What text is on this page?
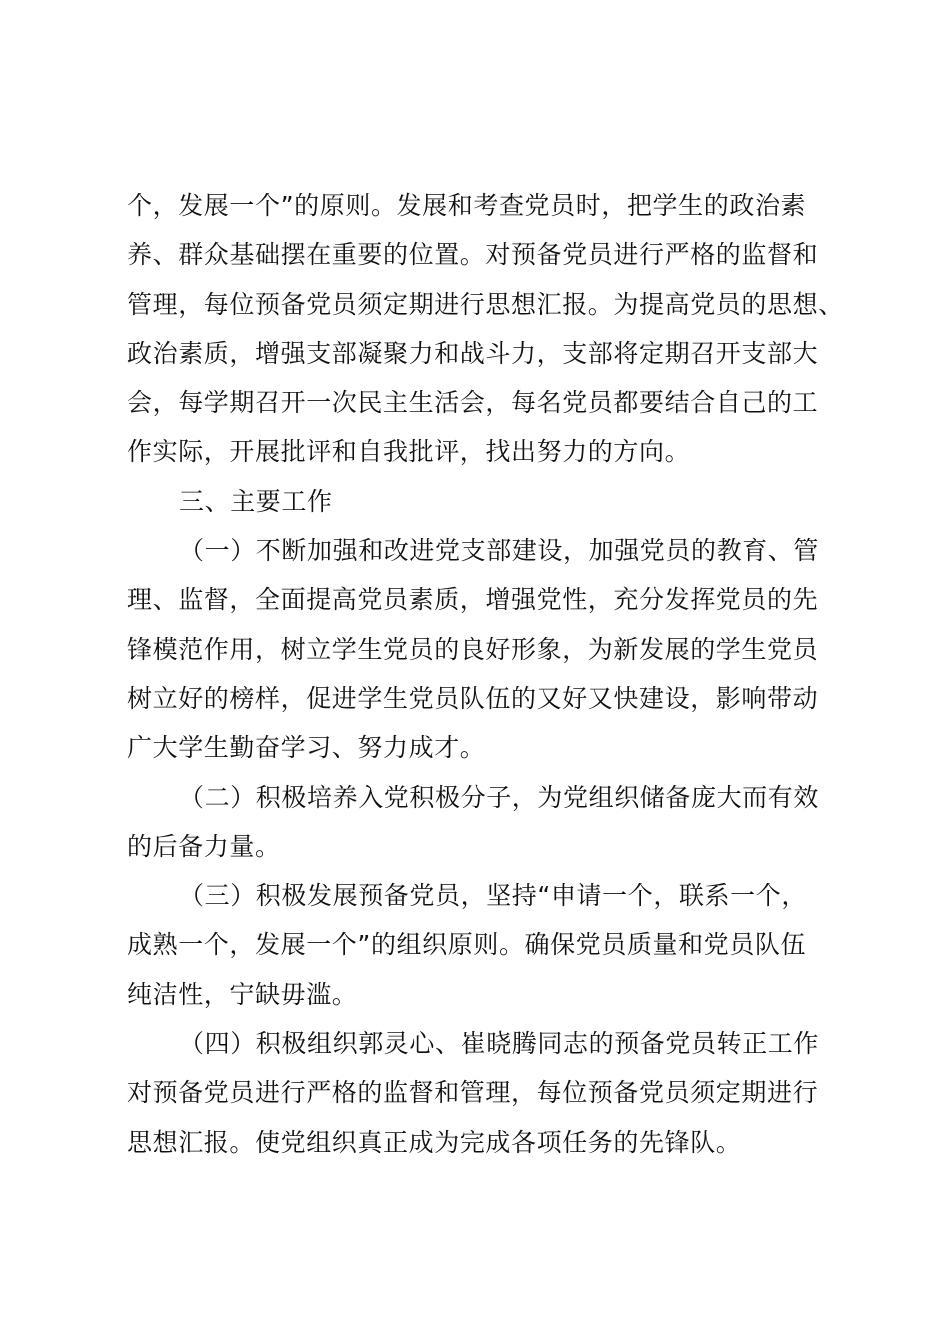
个，发展一个”的原则。发展和考查党员时，把学生的政治素
养、群众基础摆在重要的位置。对预备党员进行严格的监督和
管理，每位预备党员须定期进行思想汇报。为提高党员的思想、
政治素质，增强支部凝聚力和战斗力，支部将定期召开支部大
会，每学期召开一次民主生活会，每名党员都要结合自己的工
作实际，开展批评和自我批评，找出努力的方向。
三、主要工作
（一）不断加强和改进党支部建设，加强党员的教育、管
理、监督，全面提高党员素质，增强党性，充分发挥党员的先
锋模范作用，树立学生党员的良好形象，为新发展的学生党员
树立好的榜样，促进学生党员队伍的又好又快建设，影响带动
广大学生勤奋学习、努力成才。
（二）积极培养入党积极分子，为党组织储备庞大而有效
的后备力量。
（三）积极发展预备党员，坚持“申请一个，联系一个，
成熟一个，发展一个”的组织原则。确保党员质量和党员队伍
纯洁性，宁缺毋滥。
（四）积极组织郭灵心、崔晓腾同志的预备党员转正工作
对预备党员进行严格的监督和管理，每位预备党员须定期进行
思想汇报。使党组织真正成为完成各项任务的先锋队。
